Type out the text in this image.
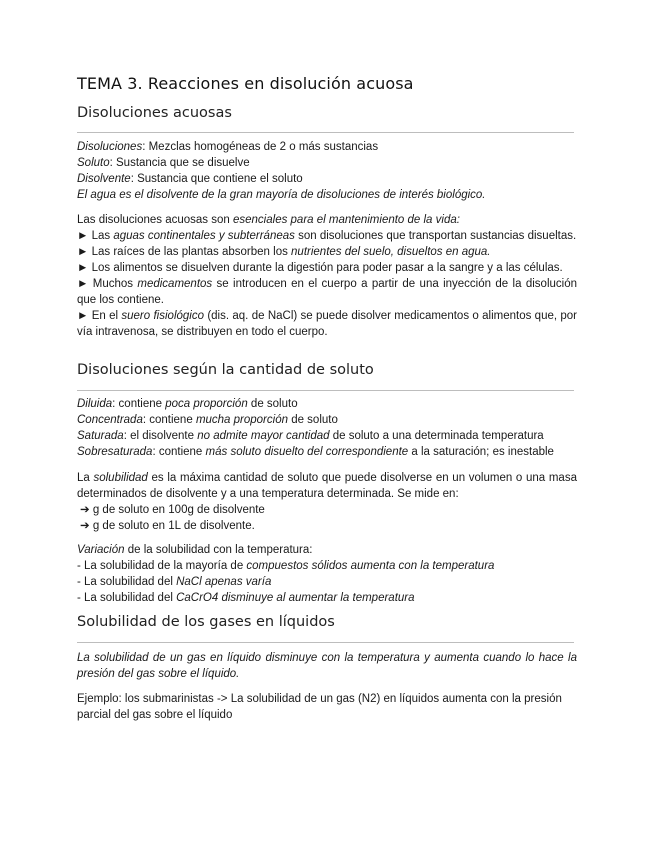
TEMA 3. Reacciones en disolución acuosa
Disoluciones acuosas

Disoluciones: Mezclas homogéneas de 2 o más sustancias

Soluto: Sustancia que se disuelve

Disolvente: Sustancia que contiene el soluto

El agua es el disolvente de la gran mayoría de disoluciones de interés biológico.

Las disoluciones acuosas son esenciales para el mantenimiento de la vida:

► Las aguas continentales y subterráneas son disoluciones que transportan sustancias disueltas.

► Las raíces de las plantas absorben los nutrientes del suelo, disueltos en agua.

► Los alimentos se disuelven durante la digestión para poder pasar a la sangre y a las células.

► Muchos medicamentos se introducen en el cuerpo a partir de una inyección de la disolución que los contiene.

► En el suero fisiológico (dis. aq. de NaCl) se puede disolver medicamentos o alimentos que, por vía intravenosa, se distribuyen en todo el cuerpo.

Disoluciones según la cantidad de soluto

Diluida: contiene poca proporción de soluto

Concentrada: contiene mucha proporción de soluto

Saturada: el disolvente no admite mayor cantidad de soluto a una determinada temperatura

Sobresaturada: contiene más soluto disuelto del correspondiente a la saturación; es inestable

La solubilidad es la máxima cantidad de soluto que puede disolverse en un volumen o una masa determinados de disolvente y a una temperatura determinada. Se mide en:

➔ g de soluto en 100g de disolvente

➔ g de soluto en 1L de disolvente.

Variación de la solubilidad con la temperatura:

- La solubilidad de la mayoría de compuestos sólidos aumenta con la temperatura

- La solubilidad del NaCl apenas varía

- La solubilidad del CaCrO4 disminuye al aumentar la temperatura

Solubilidad de los gases en líquidos

La solubilidad de un gas en líquido disminuye con la temperatura y aumenta cuando lo hace la presión del gas sobre el líquido.

Ejemplo: los submarinistas -> La solubilidad de un gas (N2) en líquidos aumenta con la presión parcial del gas sobre el líquido
